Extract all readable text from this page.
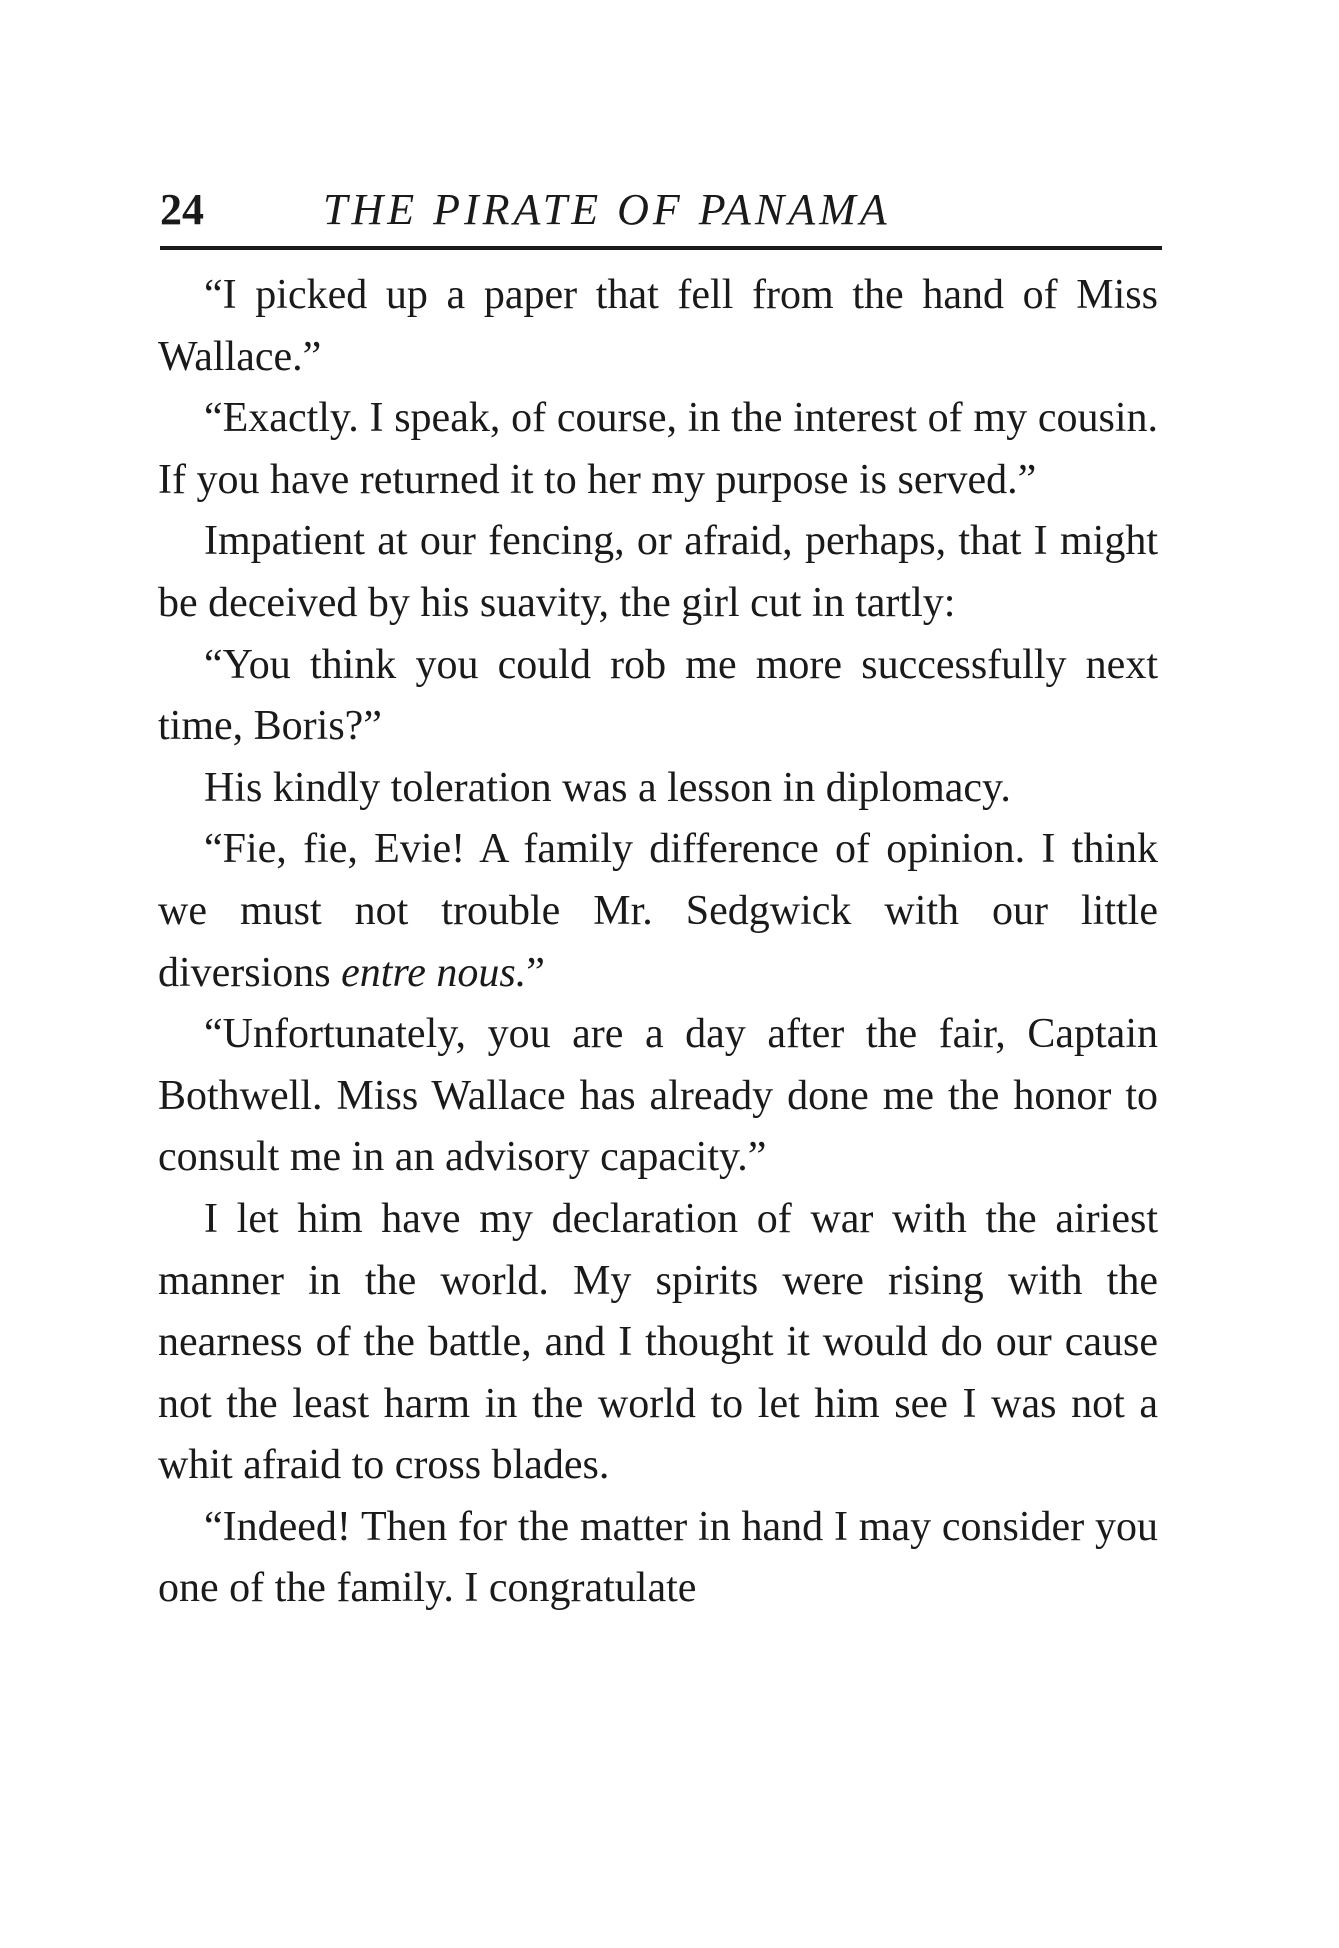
24	THE PIRATE OF PANAMA

“I picked up a paper that fell from the hand of Miss Wallace.”

“Exactly. I speak, of course, in the interest of my cousin. If you have returned it to her my purpose is served.”

Impatient at our fencing, or afraid, perhaps, that I might be deceived by his suavity, the girl cut in tartly:

“You think you could rob me more successfully next time, Boris?”

His kindly toleration was a lesson in diplomacy.

“Fie, fie, Evie! A family difference of opinion. I think we must not trouble Mr. Sedgwick with our little diversions entre nous.”

“Unfortunately, you are a day after the fair, Captain Bothwell. Miss Wallace has already done me the honor to consult me in an advisory capacity.”

I let him have my declaration of war with the airiest manner in the world. My spirits were rising with the nearness of the battle, and I thought it would do our cause not the least harm in the world to let him see I was not a whit afraid to cross blades.

“Indeed! Then for the matter in hand I may consider you one of the family. I congratulate
